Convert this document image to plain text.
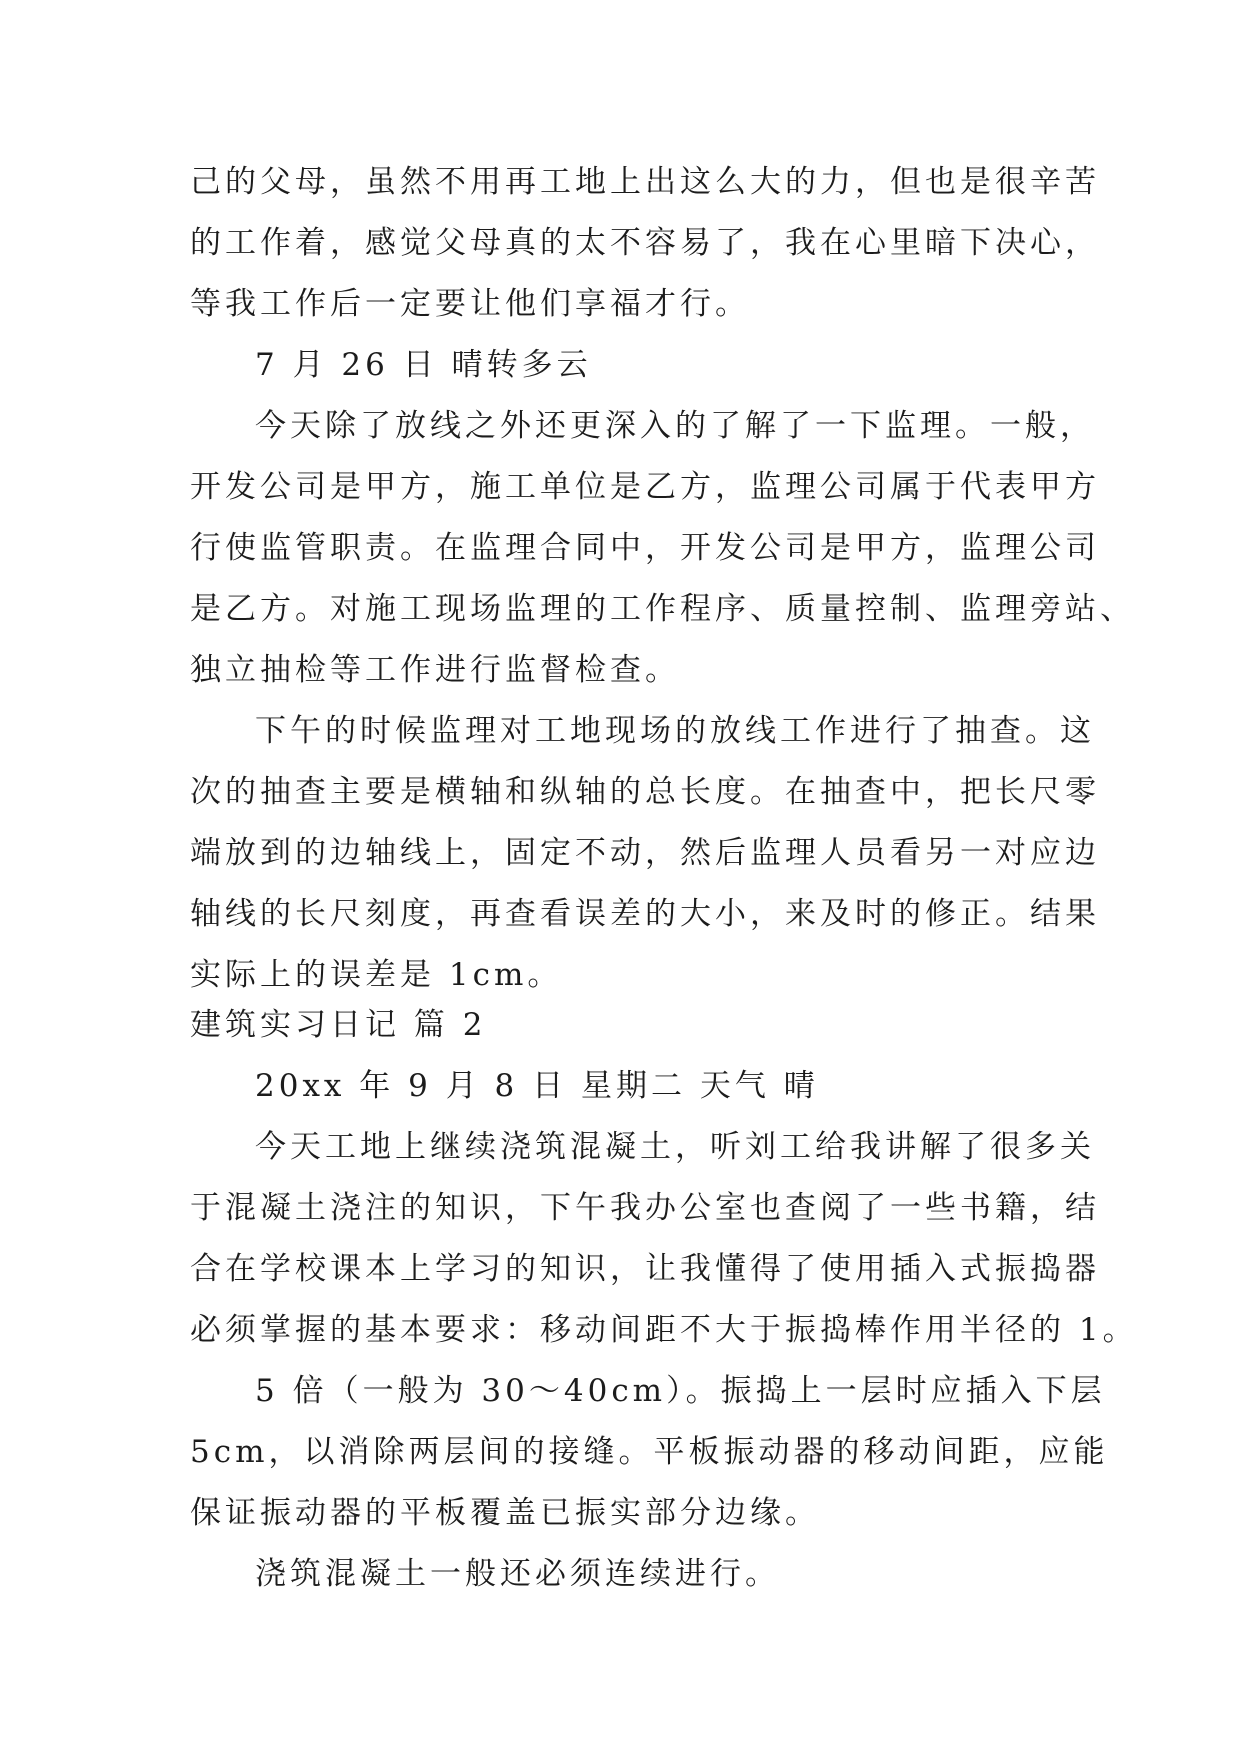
己的父母，虽然不用再工地上出这么大的力，但也是很辛苦
的工作着，感觉父母真的太不容易了，我在心里暗下决心，
等我工作后一定要让他们享福才行。
7 月 26 日 晴转多云
今天除了放线之外还更深入的了解了一下监理。一般，
开发公司是甲方，施工单位是乙方，监理公司属于代表甲方
行使监管职责。在监理合同中，开发公司是甲方，监理公司
是乙方。对施工现场监理的工作程序、质量控制、监理旁站、
独立抽检等工作进行监督检查。
下午的时候监理对工地现场的放线工作进行了抽查。这
次的抽查主要是横轴和纵轴的总长度。在抽查中，把长尺零
端放到的边轴线上，固定不动，然后监理人员看另一对应边
轴线的长尺刻度，再查看误差的大小，来及时的修正。结果
实际上的误差是 1cm。
建筑实习日记 篇 2
20xx 年 9 月 8 日 星期二 天气 晴
今天工地上继续浇筑混凝土，听刘工给我讲解了很多关
于混凝土浇注的知识，下午我办公室也查阅了一些书籍，结
合在学校课本上学习的知识，让我懂得了使用插入式振捣器
必须掌握的基本要求：移动间距不大于振捣棒作用半径的 1。
5 倍（一般为 30～40cm）。振捣上一层时应插入下层
5cm，以消除两层间的接缝。平板振动器的移动间距，应能
保证振动器的平板覆盖已振实部分边缘。
浇筑混凝土一般还必须连续进行。
